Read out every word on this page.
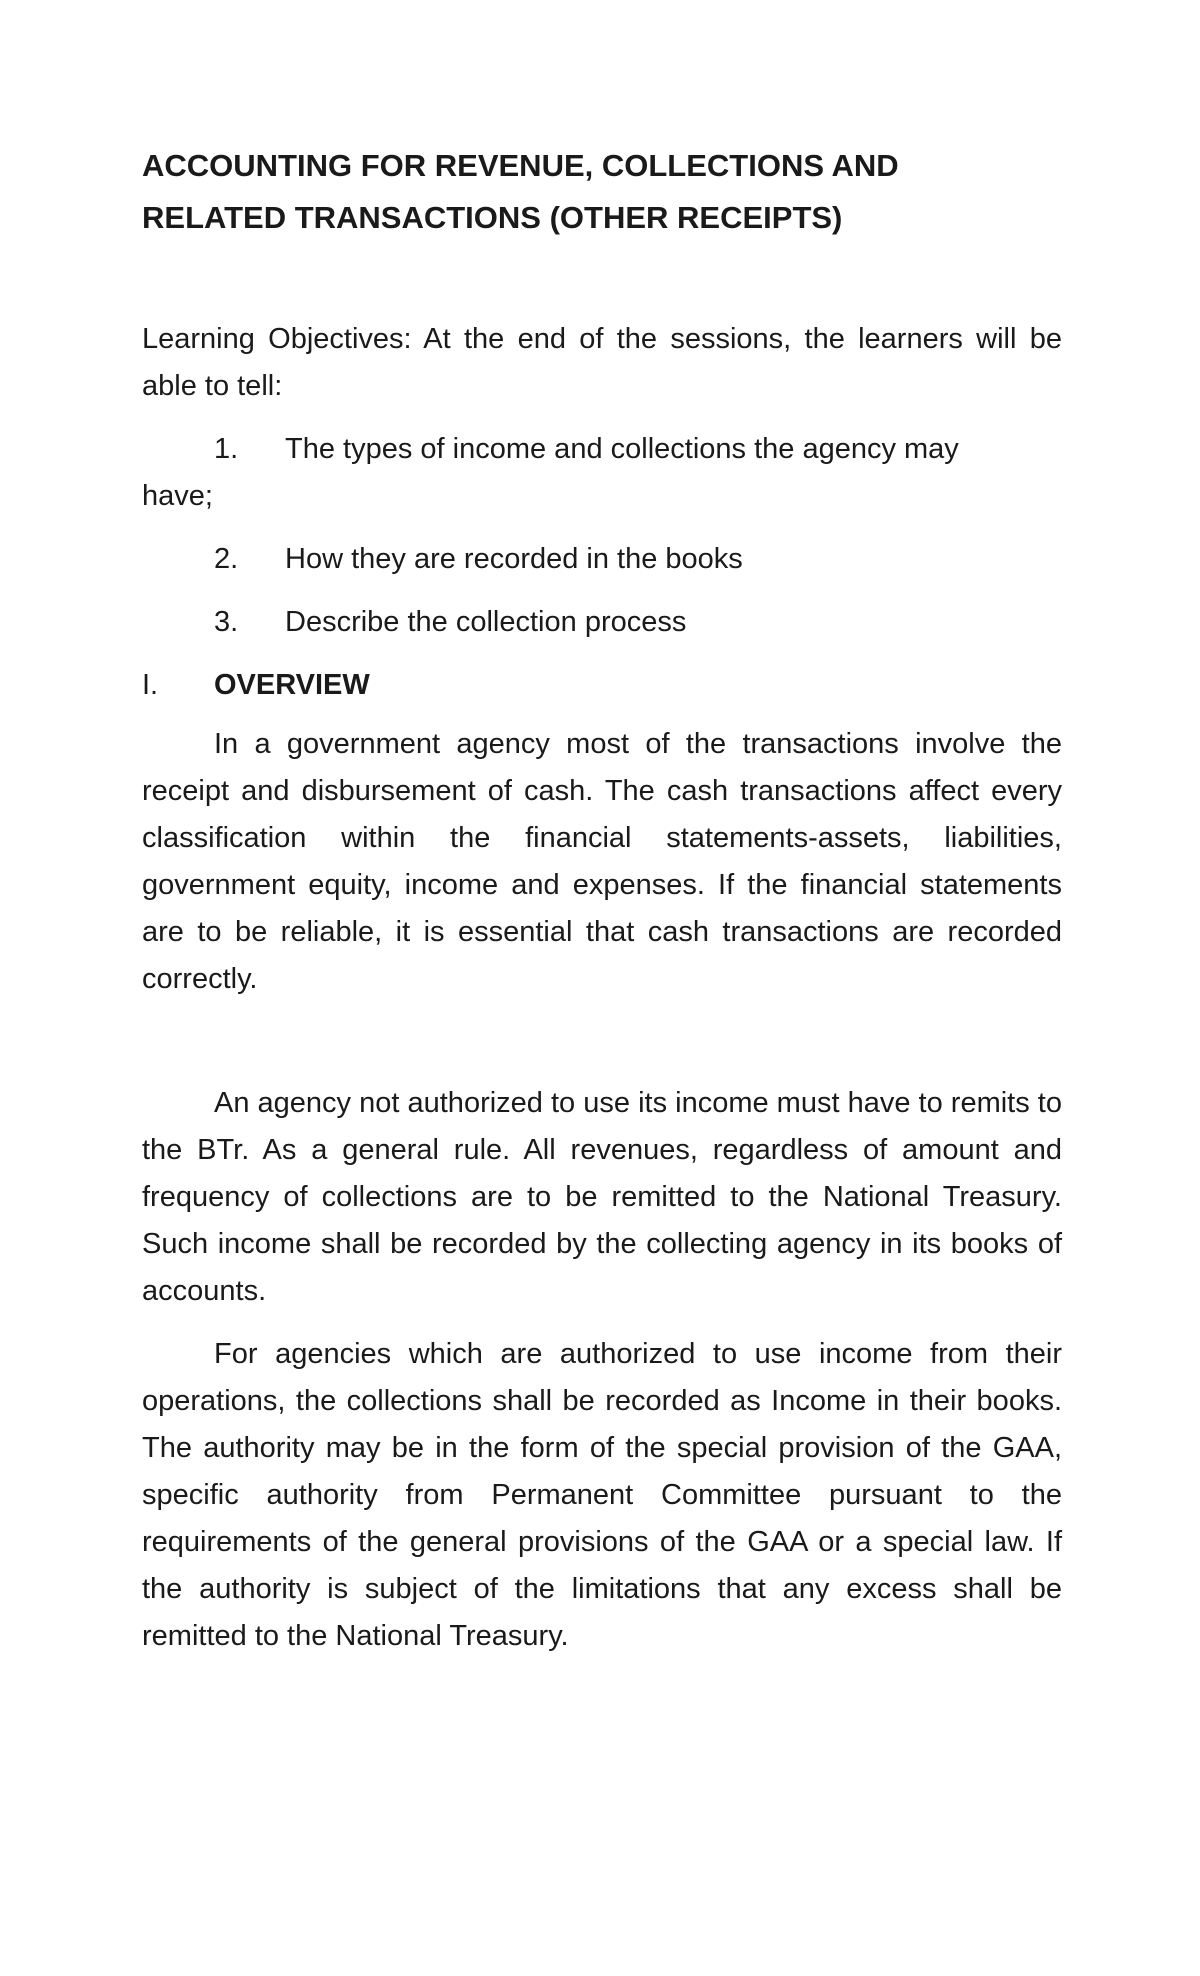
ACCOUNTING FOR REVENUE, COLLECTIONS AND
RELATED TRANSACTIONS (OTHER RECEIPTS)

Learning Objectives: At the end of the sessions, the learners will be able to tell:

1. The types of income and collections the agency may
have;
2. How they are recorded in the books
3. Describe the collection process
I. OVERVIEW

In a government agency most of the transactions involve the receipt and disbursement of cash. The cash transactions affect every classification within the financial statements-assets, liabilities, government equity, income and expenses. If the financial statements are to be reliable, it is essential that cash transactions are recorded correctly.

An agency not authorized to use its income must have to remits to the BTr. As a general rule. All revenues, regardless of amount and frequency of collections are to be remitted to the National Treasury. Such income shall be recorded by the collecting agency in its books of accounts.

For agencies which are authorized to use income from their operations, the collections shall be recorded as Income in their books. The authority may be in the form of the special provision of the GAA, specific authority from Permanent Committee pursuant to the requirements of the general provisions of the GAA or a special law. If the authority is subject of the limitations that any excess shall be remitted to the National Treasury.
